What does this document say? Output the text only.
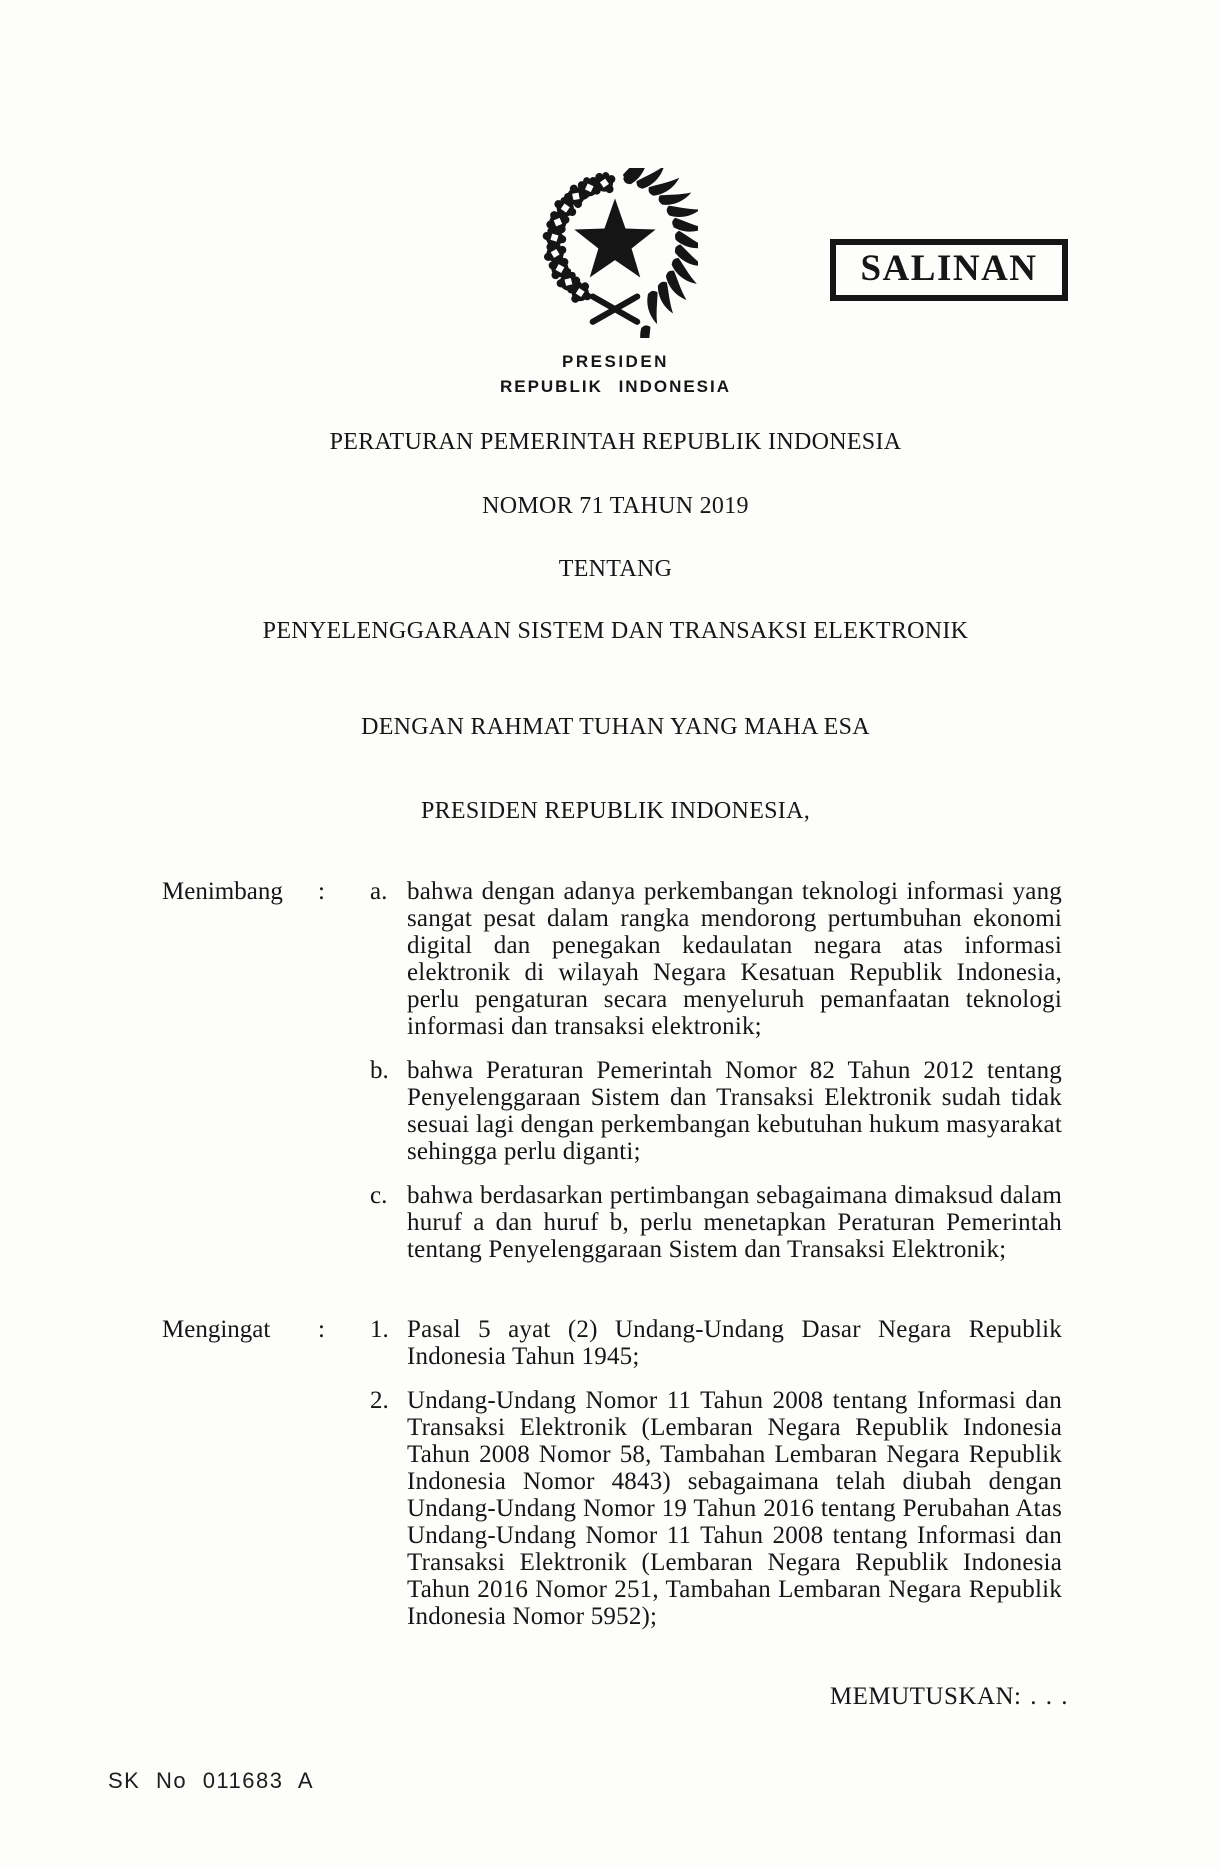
SALINAN
PRESIDEN
REPUBLIK INDONESIA
PERATURAN PEMERINTAH REPUBLIK INDONESIA
NOMOR 71 TAHUN 2019
TENTANG
PENYELENGGARAAN SISTEM DAN TRANSAKSI ELEKTRONIK
DENGAN RAHMAT TUHAN YANG MAHA ESA
PRESIDEN REPUBLIK INDONESIA,
Menimbang	:	a. bahwa dengan adanya perkembangan teknologi informasi yang sangat pesat dalam rangka mendorong pertumbuhan ekonomi digital dan penegakan kedaulatan negara atas informasi elektronik di wilayah Negara Kesatuan Republik Indonesia, perlu pengaturan secara menyeluruh pemanfaatan teknologi informasi dan transaksi elektronik;
b. bahwa Peraturan Pemerintah Nomor 82 Tahun 2012 tentang Penyelenggaraan Sistem dan Transaksi Elektronik sudah tidak sesuai lagi dengan perkembangan kebutuhan hukum masyarakat sehingga perlu diganti;
c. bahwa berdasarkan pertimbangan sebagaimana dimaksud dalam huruf a dan huruf b, perlu menetapkan Peraturan Pemerintah tentang Penyelenggaraan Sistem dan Transaksi Elektronik;
Mengingat	:	1. Pasal 5 ayat (2) Undang-Undang Dasar Negara Republik Indonesia Tahun 1945;
2. Undang-Undang Nomor 11 Tahun 2008 tentang Informasi dan Transaksi Elektronik (Lembaran Negara Republik Indonesia Tahun 2008 Nomor 58, Tambahan Lembaran Negara Republik Indonesia Nomor 4843) sebagaimana telah diubah dengan Undang-Undang Nomor 19 Tahun 2016 tentang Perubahan Atas Undang-Undang Nomor 11 Tahun 2008 tentang Informasi dan Transaksi Elektronik (Lembaran Negara Republik Indonesia Tahun 2016 Nomor 251, Tambahan Lembaran Negara Republik Indonesia Nomor 5952);
MEMUTUSKAN: . . .
SK No 011683 A
